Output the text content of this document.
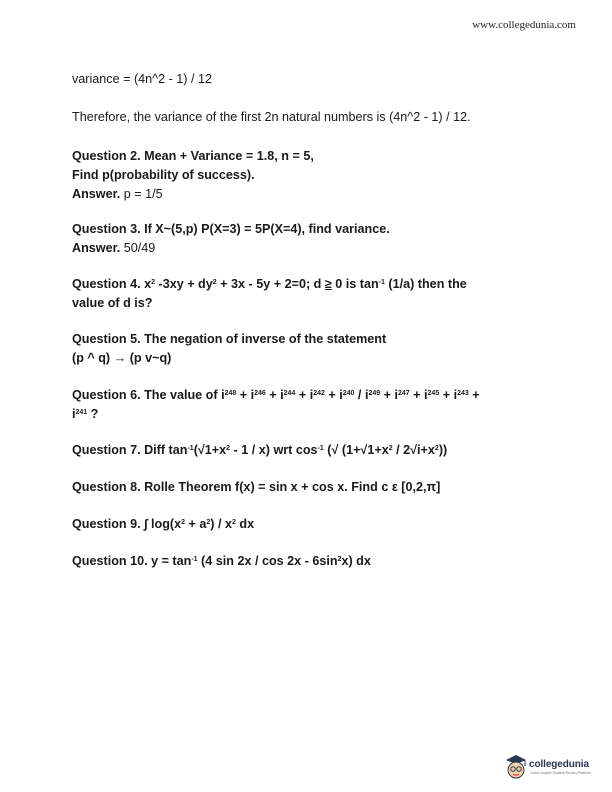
www.collegedunia.com

variance = (4n^2 - 1) / 12

Therefore, the variance of the first 2n natural numbers is (4n^2 - 1) / 12.

Question 2. Mean + Variance = 1.8, n = 5,
Find p(probability of success).
Answer. p = 1/5
Question 3. If X~(5,p) P(X=3) = 5P(X=4), find variance.
Answer. 50/49
Question 4. $x^2$ $-3xy + dy^2 + 3x - 5y + 2=0$; d ≥ 0 is $\tan^{-1} (1/a)$ then the
value of d is?
Question 5. The negation of inverse of the statement
(p ^ q) → (p v~q)
Question 6. The value of $i^{248} + i^{246} + i^{244} + i^{242} + i^{240} / i^{249} + i^{247} + i^{245} + i^{243}$ +
$i^{241}$ ?
Question 7. Diff $\tan^{-1}(√1+x^2 - 1 / x)$ wrt $\cos^{-1}$ (√ $(1+√1+x^2 / 2√i+x^2)$)
Question 8. Rolle Theorem f(x) = sin x + cos x. Find c ε [0,2,π]
Question 9. ∫ $\log(x^2 + a^2) / x^2$ dx
Question 10. $y = \tan^{-1} (4$ $\sin 2x / \cos 2x - 6\sin^2x$) dx
collegedunia
India's largest Student Review Platform
